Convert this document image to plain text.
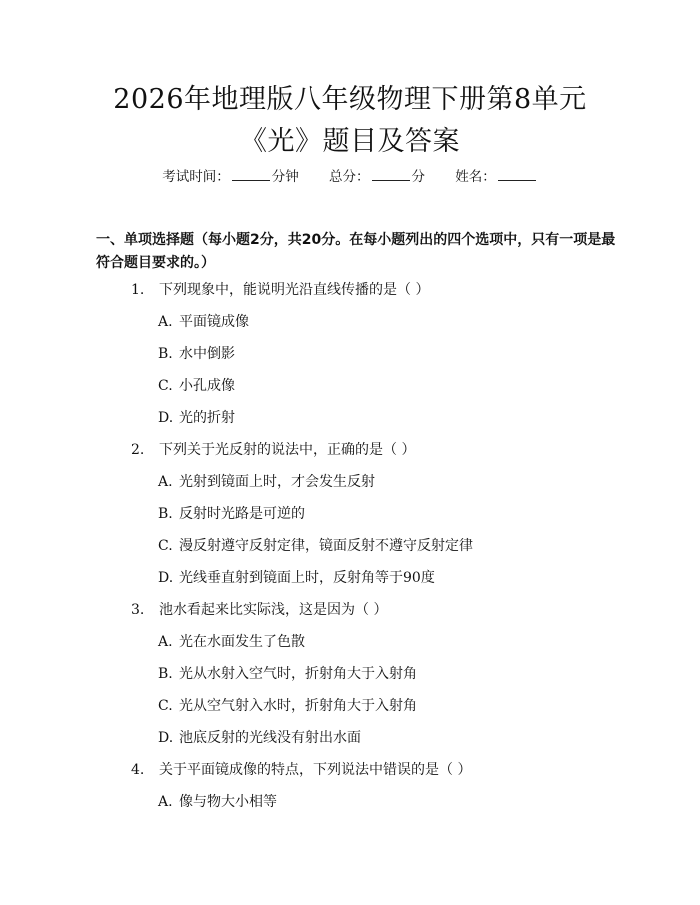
2026年地理版八年级物理下册第8单元
《光》题目及答案
考试时间：	分钟 总分：	分 姓名：
一、单项选择题（每小题2分，共20分。在每小题列出的四个选项中，只有一项是最符合题目要求的。）
1. 下列现象中，能说明光沿直线传播的是（ ）
A. 平面镜成像
B. 水中倒影
C. 小孔成像
D. 光的折射
2. 下列关于光反射的说法中，正确的是（ ）
A. 光射到镜面上时，才会发生反射
B. 反射时光路是可逆的
C. 漫反射遵守反射定律，镜面反射不遵守反射定律
D. 光线垂直射到镜面上时，反射角等于90度
3. 池水看起来比实际浅，这是因为（ ）
A. 光在水面发生了色散
B. 光从水射入空气时，折射角大于入射角
C. 光从空气射入水时，折射角大于入射角
D. 池底反射的光线没有射出水面
4. 关于平面镜成像的特点，下列说法中错误的是（ ）
A. 像与物大小相等
